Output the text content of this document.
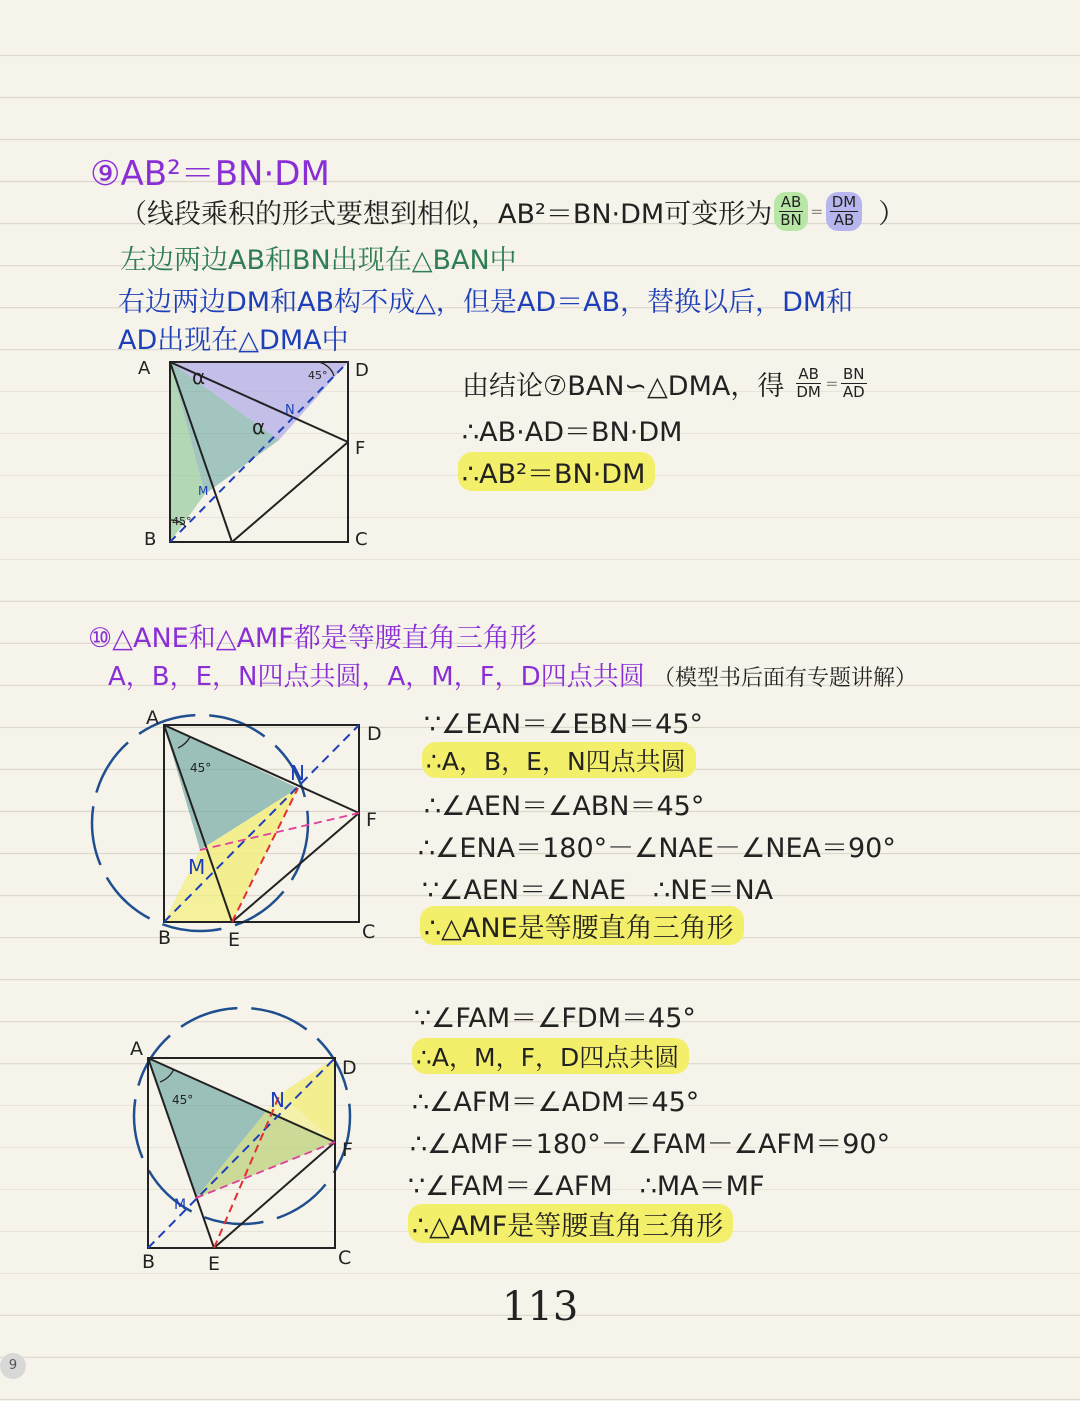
⑨AB²＝BN·DM
（线段乘积的形式要想到相似，AB²＝BN·DM可变形为 $\frac{AB}{BN} = \frac{DM}{AB}$ ）
左边两边AB和BN出现在△BAN中
右边两边DM和AB构不成△，但是AD＝AB，替换以后，DM和
AD出现在△DMA中
A	D
F
B	C
M
N
45°
45°
α
α
由结论⑦BAN∽△DMA，得 $\frac{AB}{DM} = \frac{BN}{AD}$
∴AB·AD＝BN·DM
∴AB²＝BN·DM
⑩△ANE和△AMF都是等腰直角三角形
A，B，E，N四点共圆，A，M，F，D四点共圆 （模型书后面有专题讲解）
A
D
F
B	E	C
M
N
45°
∵∠EAN＝∠EBN＝45°
∴A，B，E，N四点共圆
∴∠AEN＝∠ABN＝45°
∴∠ENA＝180°－∠NAE－∠NEA＝90°
∵∠AEN＝∠NAE　∴NE＝NA
∴△ANE是等腰直角三角形
A
D
F
B	E	C
M
N
45°
∵∠FAM＝∠FDM＝45°
∴A，M，F，D四点共圆
∴∠AFM＝∠ADM＝45°
∴∠AMF＝180°－∠FAM－∠AFM＝90°
∵∠FAM＝∠AFM　∴MA＝MF
∴△AMF是等腰直角三角形
113
9
